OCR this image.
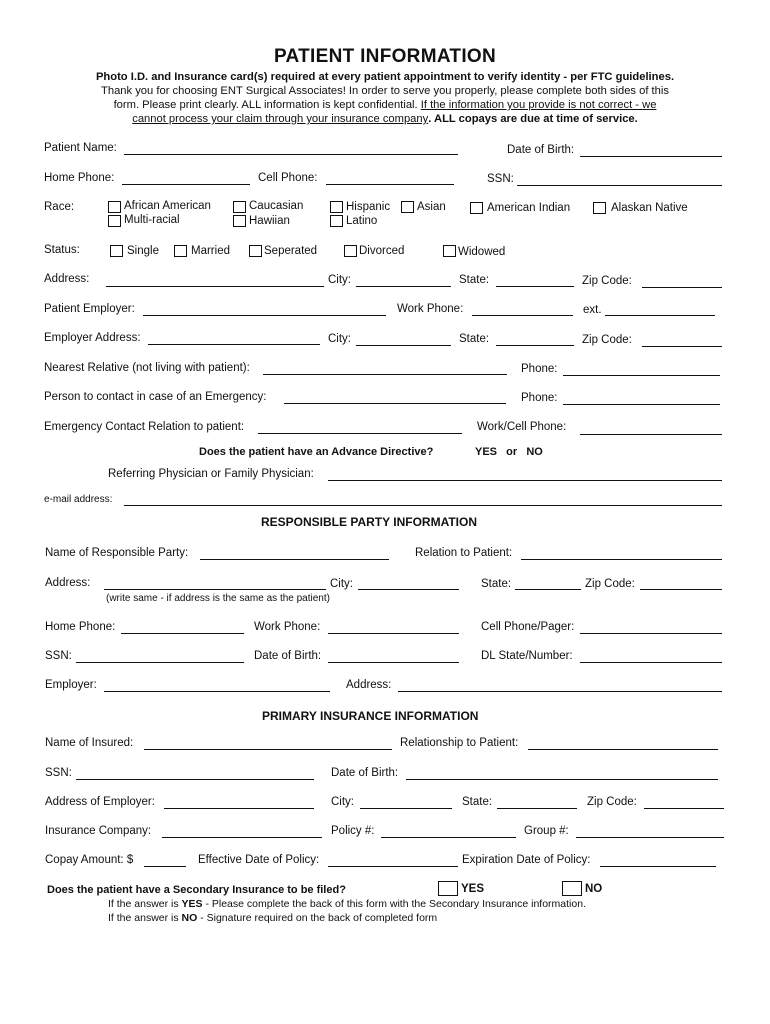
PATIENT INFORMATION
Photo I.D. and Insurance card(s) required at every patient appointment to verify identity - per FTC guidelines.
Thank you for choosing ENT Surgical Associates! In order to serve you properly, please complete both sides of this
form. Please print clearly. ALL information is kept confidential. If the information you provide is not correct - we
cannot process your claim through your insurance company. ALL copays are due at time of service.
Patient Name:	Date of Birth:
Home Phone:	Cell Phone:	SSN:
Race:	African American	Caucasian	Hispanic Asian	American Indian	Alaskan Native
Multi-racial	Hawiian	Latino
Status:	Single	Married	Seperated	Divorced	Widowed
Address:	City:	State:	Zip Code:
Patient Employer:	Work Phone:	ext.
Employer Address:	City:	State:	Zip Code:
Nearest Relative (not living with patient):	Phone:
Person to contact in case of an Emergency:	Phone:
Emergency Contact Relation to patient:	Work/Cell Phone:
Does the patient have an Advance Directive?	YES   or   NO
Referring Physician or Family Physician:
e-mail address:
RESPONSIBLE PARTY INFORMATION
Name of Responsible Party:	Relation to Patient:
Address:	City:	State:	Zip Code:
(write same - if address is the same as the patient)
Home Phone:	Work Phone:	Cell Phone/Pager:
SSN:	Date of Birth:	DL State/Number:
Employer:	Address:
PRIMARY INSURANCE INFORMATION
Name of Insured:	Relationship to Patient:
SSN:	Date of Birth:
Address of Employer:	City:	State:	Zip Code:
Insurance Company:	Policy #:	Group #:
Copay Amount: $	Effective Date of Policy:	Expiration Date of Policy:
Does the patient have a Secondary Insurance to be filed?	YES	NO
If the answer is YES - Please complete the back of this form with the Secondary Insurance information.
If the answer is NO - Signature required on the back of completed form
